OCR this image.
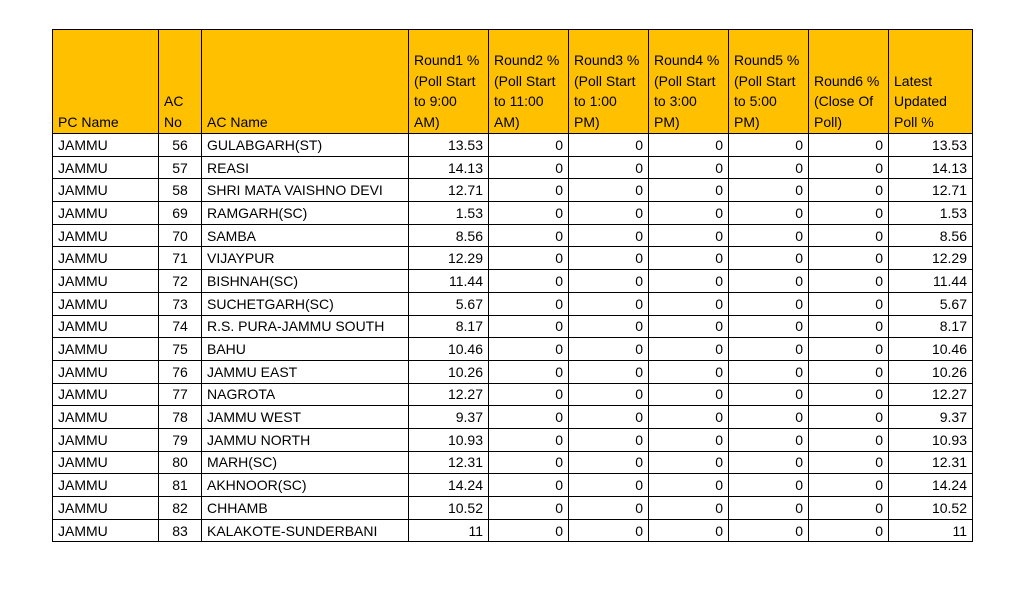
PC Name	AC No	AC Name	Round1 %(Poll Start to 9:00 AM)	Round2 %(Poll Start to 11:00 AM)	Round3 %(Poll Start to 1:00 PM)	Round4 %(Poll Start to 3:00 PM)	Round5 %(Poll Start to 5:00 PM)	Round6 %(Close Of Poll)	Latest Updated Poll %
JAMMU	56	GULABGARH(ST)	13.53	0	0	0	0	0	13.53
JAMMU	57	REASI	14.13	0	0	0	0	0	14.13
JAMMU	58	SHRI MATA VAISHNO DEVI	12.71	0	0	0	0	0	12.71
JAMMU	69	RAMGARH(SC)	1.53	0	0	0	0	0	1.53
JAMMU	70	SAMBA	8.56	0	0	0	0	0	8.56
JAMMU	71	VIJAYPUR	12.29	0	0	0	0	0	12.29
JAMMU	72	BISHNAH(SC)	11.44	0	0	0	0	0	11.44
JAMMU	73	SUCHETGARH(SC)	5.67	0	0	0	0	0	5.67
JAMMU	74	R.S. PURA-JAMMU SOUTH	8.17	0	0	0	0	0	8.17
JAMMU	75	BAHU	10.46	0	0	0	0	0	10.46
JAMMU	76	JAMMU EAST	10.26	0	0	0	0	0	10.26
JAMMU	77	NAGROTA	12.27	0	0	0	0	0	12.27
JAMMU	78	JAMMU WEST	9.37	0	0	0	0	0	9.37
JAMMU	79	JAMMU NORTH	10.93	0	0	0	0	0	10.93
JAMMU	80	MARH(SC)	12.31	0	0	0	0	0	12.31
JAMMU	81	AKHNOOR(SC)	14.24	0	0	0	0	0	14.24
JAMMU	82	CHHAMB	10.52	0	0	0	0	0	10.52
JAMMU	83	KALAKOTE-SUNDERBANI	11	0	0	0	0	0	11
